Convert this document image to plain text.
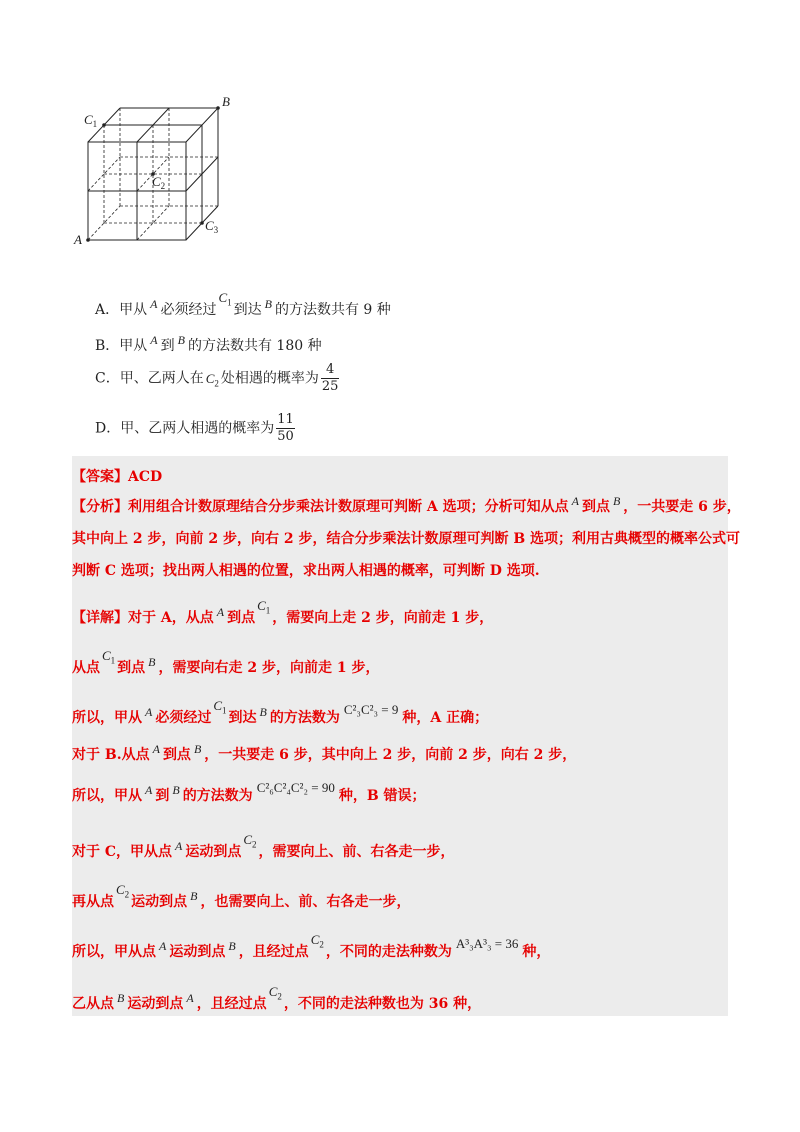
A
B
$C_1$
$C_2$
$C_3$
A．甲从 A 必须经过$C_1$ 到达 B 的方法数共有 9 种
B．甲从 A 到 B 的方法数共有 180 种
C．甲、乙两人在 $C_2$ 处相遇的概率为 $\frac{4}{25}$
D．甲、乙两人相遇的概率为 $\frac{11}{50}$
【答案】ACD
【分析】利用组合计数原理结合分步乘法计数原理可判断 A 选项；分析可知从点 A 到点 B ，一共要走 6 步，
其中向上 2 步，向前 2 步，向右 2 步，结合分步乘法计数原理可判断 B 选项；利用古典概型的概率公式可
判断 C 选项；找出两人相遇的位置，求出两人相遇的概率，可判断 D 选项.
【详解】对于 A，从点 A 到点$C_1$ ，需要向上走 2 步，向前走 1 步，
从点$C_1$ 到点 B ，需要向右走 2 步，向前走 1 步，
所以，甲从 A 必须经过$C_1$ 到达 B 的方法数为C²₃C²₃ = 9种，A 正确；
对于 B.从点 A 到点 B ，一共要走 6 步，其中向上 2 步，向前 2 步，向右 2 步，
所以，甲从 A 到 B 的方法数为C²₆C²₄C²₂ = 90种，B 错误；
对于 C，甲从点 A 运动到点$C_2$ ，需要向上、前、右各走一步，
再从点$C_2$ 运动到点 B ，也需要向上、前、右各走一步，
所以，甲从点 A 运动到点 B ，且经过点$C_2$ ，不同的走法种数为A³₃A³₃ = 36种，
乙从点 B 运动到点 A ，且经过点$C_2$ ，不同的走法种数也为 36 种，
